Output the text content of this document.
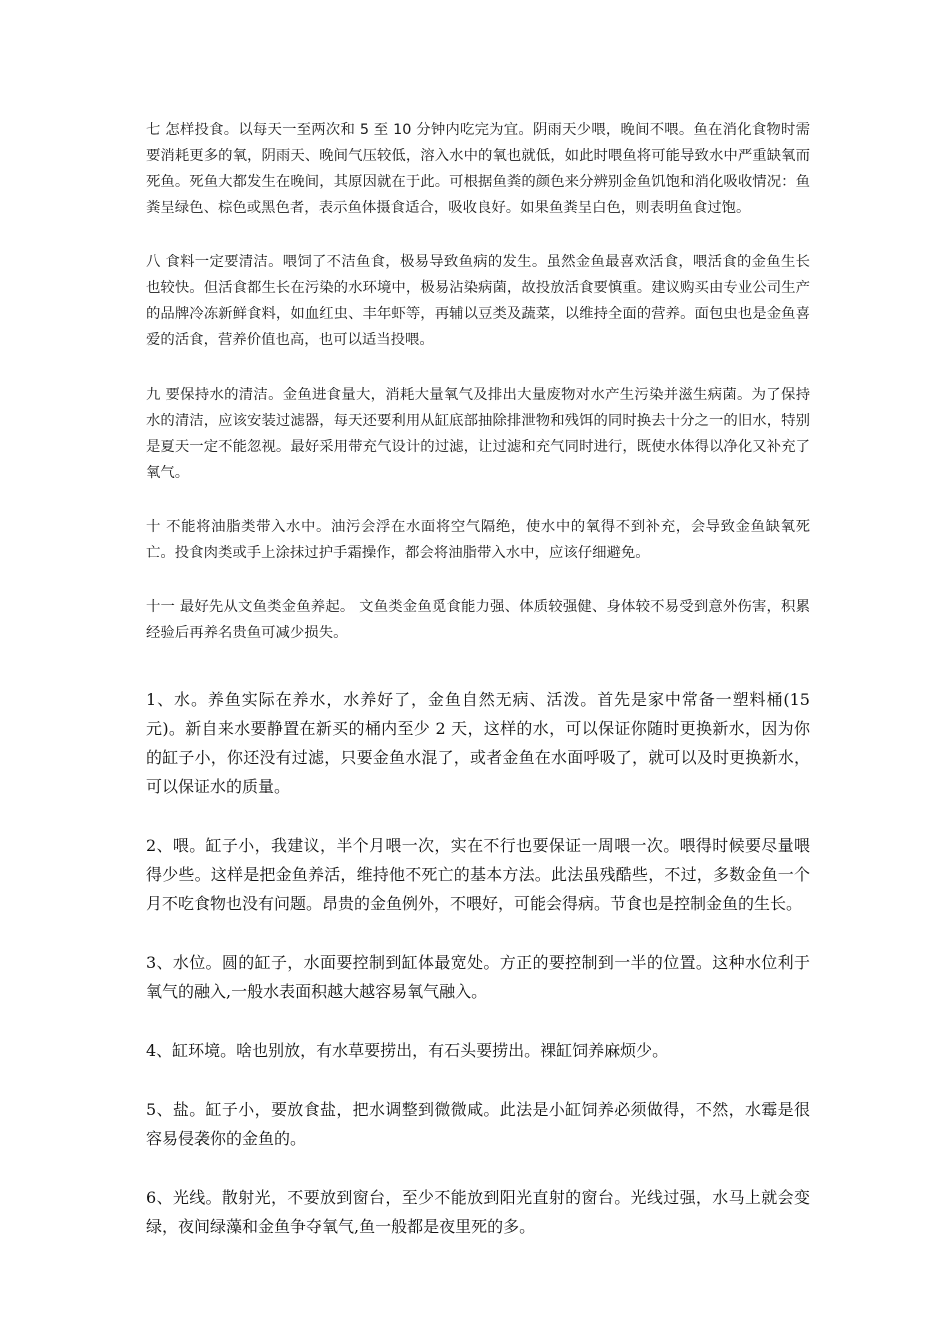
七 怎样投食。以每天一至两次和 5 至 10 分钟内吃完为宜。阴雨天少喂，晚间不喂。鱼在消化食物时需要消耗更多的氧，阴雨天、晚间气压较低，溶入水中的氧也就低，如此时喂鱼将可能导致水中严重缺氧而死鱼。死鱼大都发生在晚间，其原因就在于此。可根据鱼粪的颜色来分辨别金鱼饥饱和消化吸收情况：鱼粪呈绿色、棕色或黑色者，表示鱼体摄食适合，吸收良好。如果鱼粪呈白色，则表明鱼食过饱。

八 食料一定要清洁。喂饲了不洁鱼食，极易导致鱼病的发生。虽然金鱼最喜欢活食，喂活食的金鱼生长也较快。但活食都生长在污染的水环境中，极易沾染病菌，故投放活食要慎重。建议购买由专业公司生产的品牌冷冻新鲜食料，如血红虫、丰年虾等，再辅以豆类及蔬菜，以维持全面的营养。面包虫也是金鱼喜爱的活食，营养价值也高，也可以适当投喂。

九 要保持水的清洁。金鱼进食量大，消耗大量氧气及排出大量废物对水产生污染并滋生病菌。为了保持水的清洁，应该安装过滤器，每天还要利用从缸底部抽除排泄物和残饵的同时换去十分之一的旧水，特别是夏天一定不能忽视。最好采用带充气设计的过滤，让过滤和充气同时进行，既使水体得以净化又补充了氧气。

十 不能将油脂类带入水中。油污会浮在水面将空气隔绝，使水中的氧得不到补充，会导致金鱼缺氧死亡。投食肉类或手上涂抹过护手霜操作，都会将油脂带入水中，应该仔细避免。

十一 最好先从文鱼类金鱼养起。 文鱼类金鱼觅食能力强、体质较强健、身体较不易受到意外伤害，积累经验后再养名贵鱼可减少损失。

1、水。养鱼实际在养水，水养好了，金鱼自然无病、活泼。首先是家中常备一塑料桶(15 元)。新自来水要静置在新买的桶内至少 2 天，这样的水，可以保证你随时更换新水，因为你的缸子小，你还没有过滤，只要金鱼水混了，或者金鱼在水面呼吸了，就可以及时更换新水，可以保证水的质量。

2、喂。缸子小，我建议，半个月喂一次，实在不行也要保证一周喂一次。喂得时候要尽量喂得少些。这样是把金鱼养活，维持他不死亡的基本方法。此法虽残酷些，不过，多数金鱼一个月不吃食物也没有问题。昂贵的金鱼例外，不喂好，可能会得病。节食也是控制金鱼的生长。

3、水位。圆的缸子，水面要控制到缸体最宽处。方正的要控制到一半的位置。这种水位利于氧气的融入,一般水表面积越大越容易氧气融入。

4、缸环境。啥也别放，有水草要捞出，有石头要捞出。裸缸饲养麻烦少。

5、盐。缸子小，要放食盐，把水调整到微微咸。此法是小缸饲养必须做得，不然，水霉是很容易侵袭你的金鱼的。

6、光线。散射光，不要放到窗台，至少不能放到阳光直射的窗台。光线过强，水马上就会变绿，夜间绿藻和金鱼争夺氧气,鱼一般都是夜里死的多。
